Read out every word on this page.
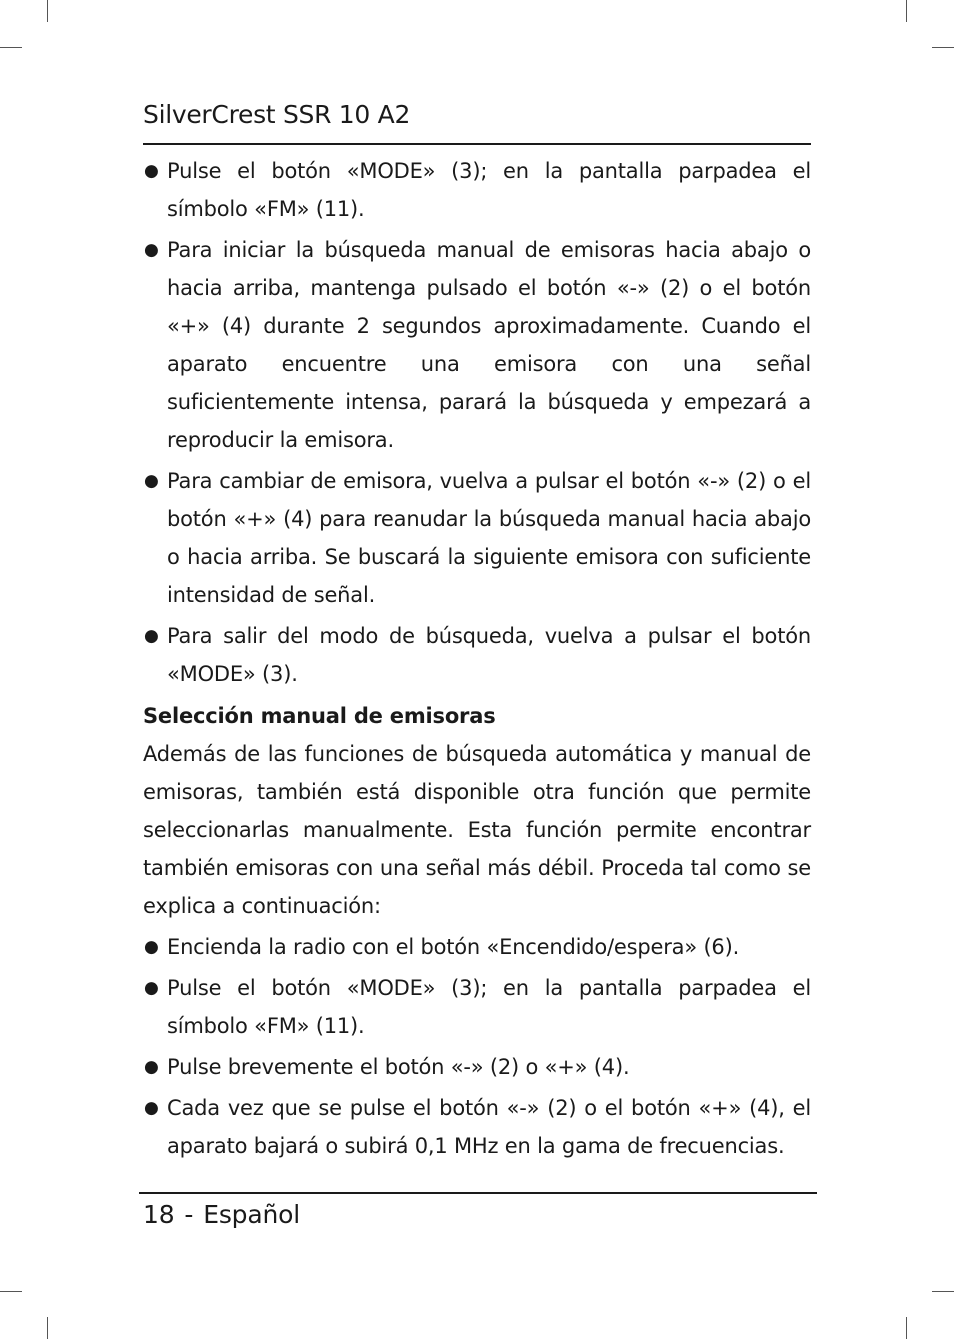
SilverCrest SSR 10 A2
● Pulse el botón «MODE» (3); en la pantalla parpadea el símbolo «FM» (11).
● Para iniciar la búsqueda manual de emisoras hacia abajo o hacia arriba, mantenga pulsado el botón «-» (2) o el botón «+» (4) durante 2 segundos aproximadamente. Cuando el aparato encuentre una emisora con una señal suficientemente intensa, parará la búsqueda y empezará a reproducir la emisora.
● Para cambiar de emisora, vuelva a pulsar el botón «-» (2) o el botón «+» (4) para reanudar la búsqueda manual hacia abajo o hacia arriba. Se buscará la siguiente emisora con suficiente intensidad de señal.
● Para salir del modo de búsqueda, vuelva a pulsar el botón «MODE» (3).
Selección manual de emisoras

Además de las funciones de búsqueda automática y manual de emisoras, también está disponible otra función que permite seleccionarlas manualmente. Esta función permite encontrar también emisoras con una señal más débil. Proceda tal como se explica a continuación:

● Encienda la radio con el botón «Encendido/espera» (6).
● Pulse el botón «MODE» (3); en la pantalla parpadea el símbolo «FM» (11).
● Pulse brevemente el botón «-» (2) o «+» (4).
● Cada vez que se pulse el botón «-» (2) o el botón «+» (4), el aparato bajará o subirá 0,1 MHz en la gama de frecuencias.
18 - Español
